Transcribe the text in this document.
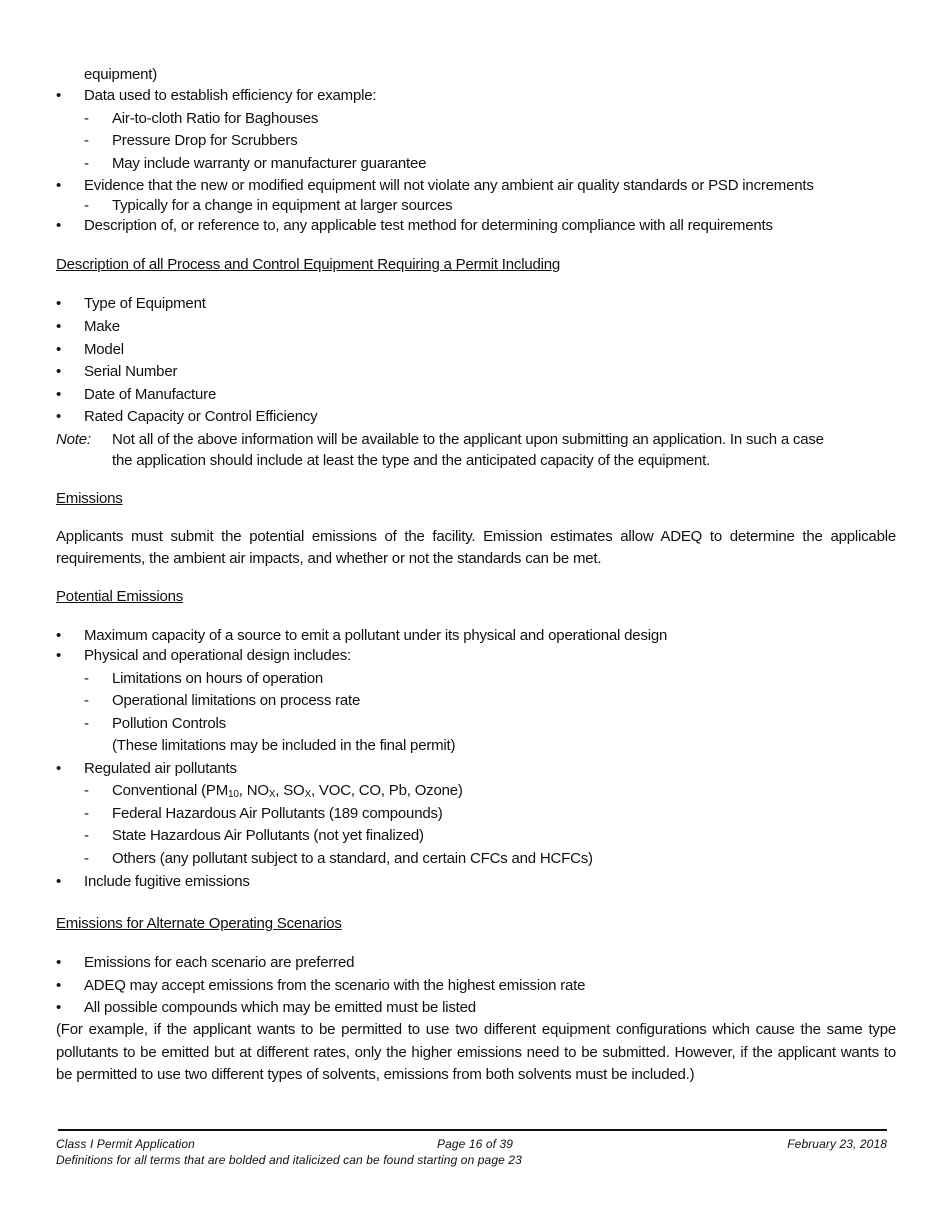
equipment)
• Data used to establish efficiency for example:
- Air-to-cloth Ratio for Baghouses
- Pressure Drop for Scrubbers
- May include warranty or manufacturer guarantee
• Evidence that the new or modified equipment will not violate any ambient air quality standards or PSD increments
- Typically for a change in equipment at larger sources
• Description of, or reference to, any applicable test method for determining compliance with all requirements
Description of all Process and Control Equipment Requiring a Permit Including
• Type of Equipment
• Make
• Model
• Serial Number
• Date of Manufacture
• Rated Capacity or Control Efficiency
Note: Not all of the above information will be available to the applicant upon submitting an application. In such a case
the application should include at least the type and the anticipated capacity of the equipment.
Emissions
Applicants must submit the potential emissions of the facility. Emission estimates allow ADEQ to determine the applicable requirements, the ambient air impacts, and whether or not the standards can be met.
Potential Emissions
• Maximum capacity of a source to emit a pollutant under its physical and operational design
• Physical and operational design includes:
- Limitations on hours of operation
- Operational limitations on process rate
- Pollution Controls
(These limitations may be included in the final permit)
• Regulated air pollutants
- Conventional ($PM_{10}$, $NO_X$, $SO_X$, VOC, CO, Pb, Ozone)
- Federal Hazardous Air Pollutants (189 compounds)
- State Hazardous Air Pollutants (not yet finalized)
- Others (any pollutant subject to a standard, and certain CFCs and HCFCs)
• Include fugitive emissions
Emissions for Alternate Operating Scenarios
• Emissions for each scenario are preferred
• ADEQ may accept emissions from the scenario with the highest emission rate
• All possible compounds which may be emitted must be listed
(For example, if the applicant wants to be permitted to use two different equipment configurations which cause the same type pollutants to be emitted but at different rates, only the higher emissions need to be submitted. However, if the applicant wants to be permitted to use two different types of solvents, emissions from both solvents must be included.)
Class I Permit Application	Page 16 of 39	February 23, 2018
Definitions for all terms that are bolded and italicized can be found starting on page 23
